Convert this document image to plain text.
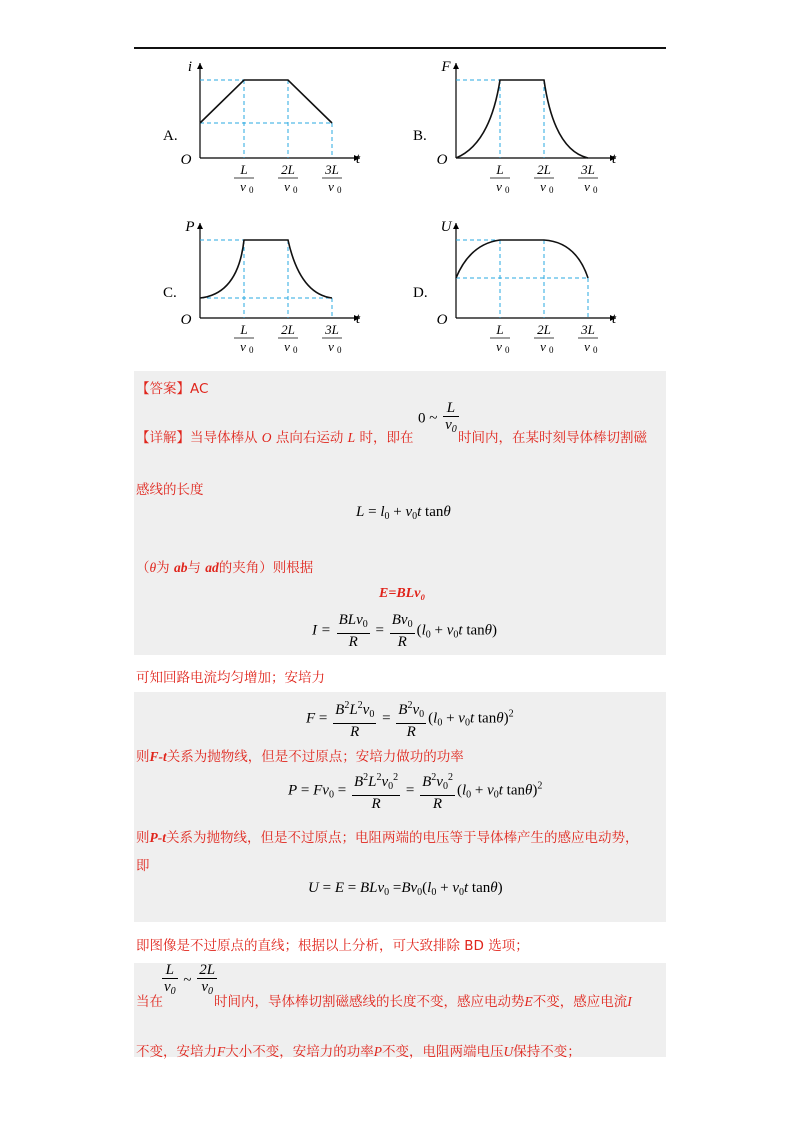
A.
i
O	t
L
v 0
2L
v 0
3L
v 0
B.
F
O	t
L
v 0
2L
v 0
3L
v 0
C.
P
O	t
L
v 0
2L
v 0
3L
v 0
D.
U
O	t
L
v 0
2L
v 0
3L
v 0
【答案】AC
【详解】当导体棒从 O 点向右运动 L 时，即在
0 ~ $\frac{L}{v_0}$ 时间内，在某时刻导体棒切割磁
感线的长度
$L = l_0 + v_0t$ tanθ
（θ为 ab与 ad的夹角）则根据
E=BLv₀
$I = \frac{BLv_0}{R} = \frac{Bv_0}{R} (l_0 + v_0t$ tanθ)
可知回路电流均匀增加；安培力
$F = \frac{B^2L^2v_0}{R} = \frac{B^2v_0}{R} (l_0 + v_0t$ tanθ)$^2$
则F-t关系为抛物线，但是不过原点；安培力做功的功率
$P = Fv_0 = \frac{B^2L^2v_0^2}{R} = \frac{B^2v_0^2}{R} (l_0 + v_0t$ tanθ)$^2$
则P-t关系为抛物线，但是不过原点；电阻两端的电压等于导体棒产生的感应电动势，
即
$U = E = BLv_0 =Bv_0(l_0 + v_0t$ tanθ)
即图像是不过原点的直线；根据以上分析，可大致排除 BD 选项；
$\frac{L}{v_0}$ ~ $\frac{2L}{v_0}$
当在	时间内，导体棒切割磁感线的长度不变，感应电动势E不变，感应电流I
不变，安培力F大小不变，安培力的功率P不变，电阻两端电压U保持不变；
